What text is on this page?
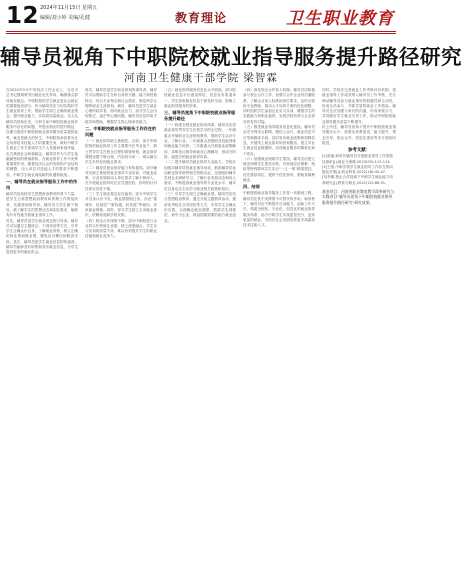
12 2024年11月15日 星期五
编辑/刘小婷 美编/孔健	教育理论	卫生职业教育
辅导员视角下中职院校就业指导服务提升路径研究
河南卫生健康干部学院 梁智霖
在2024年5月中央经济工作会议上，习近平总书记强调要突出就业优先导向，确保重点群体就业稳定。中职院校的学生就业是社会就业的重要组成部分，作为辅导员应当切实做好学生就业指导工作，帮助学生树立正确的就业观念，提升就业能力，实现高质量就业。本文从辅导员视角出发，分析当前中职院校就业指导服务中存在的问题，并提出相应的提升路径，以期为提高中职院校就业指导服务质量提供参考。就业是最大的民生，中职院校承担着为社会培养技术技能人才的重要任务，做好中职学生就业工作关系到学生个人发展和家庭幸福，也关系到社会和谐稳定。辅导员作为与学生接触最密切的教师群体，在就业指导工作中发挥着重要作用。随着经济社会的发展和产业结构的调整，用人单位对技能人才的要求不断提高，中职学生就业面临新的机遇和挑战。
一、辅导员在就业指导服务工作中的作用
辅导员是高校学生思想政治教育的骨干力量，是学生日常思想政治教育和管理工作的组织者、实施者和指导者。辅导员与学生朝夕相处，最了解学生的思想动态和实际需求，能够有针对性地开展就业指导工作。
首先，辅导员是学生就业观念的引导者。辅导员可以通过主题班会、个别谈话等方式，引导学生正确认识自身，了解就业形势，树立正确的择业观和就业观，避免盲目攀比和眼高手低。其次，辅导员是学生就业信息的传递者。辅导员能够及时收集和发布就业信息，为学生提供更多的就业机会。
再次，辅导员是学生职业规划的指导者。辅导员可以帮助学生分析自身的兴趣、能力和性格特点，结合专业特点和社会需求，制定科学合理的职业生涯规划。最后，辅导员是学生就业心理的疏导者。面对就业压力，部分学生会出现焦虑、迷茫等心理问题，辅导员应及时给予疏导和帮助，增强学生的心理承受能力。
二、中职院校就业指导服务工作存在的问题
（一）就业指导缺乏系统性。目前，部分中职院校的就业指导工作主要集中在毕业前夕，缺乏贯穿学生在校全过程的系统规划，就业指导课程设置不够合理，内容较为单一，难以满足学生多样化的就业需求。
（二）辅导员就业指导能力有待提高。部分辅导员缺乏系统的就业指导专业培训，对就业政策、行业发展和用人单位需求了解不够深入，在开展就业指导时往往凭借经验，指导的针对性和实效性不强。
（三）学生就业观念存在偏差。部分中职学生对自身认识不足，就业期望值过高，存在“重城市、轻基层”“重待遇、轻发展”等倾向，导致就业困难。同时，部分学生缺乏主动就业意识，依赖家庭和学校安排。
（四）校企合作深度不够。部分中职院校与企业的合作停留在表面，缺乏深度融合，学生实习实训的质量不高，难以有效提升学生的职业技能和就业竞争力。
（五）就业指导服务信息化水平较低。部分院校就业信息平台建设滞后，信息发布渠道单一，学生获取就业信息不够及时全面，影响了就业指导服务的效率。
三、辅导员视角下中职院校就业指导服务提升路径
（一）构建全程化就业指导体系。辅导员应将就业指导贯穿学生在校学习的全过程，一年级重点开展职业生涯规划教育，帮助学生认识专业、了解行业；二年级重点加强职业技能训练和就业能力培养；三年级重点开展就业政策解读、求职技巧指导和就业心理辅导，形成分阶段、递进式的就业指导体系。
（二）提升辅导员就业指导专业能力。学校应加强对辅导员的就业指导培训，鼓励辅导员参加职业指导师等相关资格认证，定期组织辅导员到企业调研学习，了解行业发展动态和用人需求，不断提高就业指导的专业化水平。辅导员自身也应主动学习就业相关政策和知识。
（三）引导学生树立正确就业观。辅导员应结合思想政治教育，通过开展主题教育活动、邀请优秀校友分享经验等方式，引导学生正确认识自我，合理确定就业期望，鼓励学生到基层、到中小企业、到祖国最需要的地方就业创业。
（四）深化校企合作育人机制。辅导员应积极参与校企合作工作，加强与合作企业的沟通联系，了解企业用人标准和岗位要求，及时反馈给专业教师，推动人才培养方案的优化调整。同时组织学生参加企业实习实训，增强学生的实践能力和职业素养，实现学校培养与企业需求的有效对接。
（五）推进就业指导服务信息化建设。辅导员应充分利用互联网、微信公众号、就业信息平台等新媒体手段，及时发布就业政策和招聘信息，开展线上就业指导和咨询服务，建立毕业生就业信息数据库，实现就业服务的精准化和个性化。
（六）加强就业困难学生帮扶。辅导员应建立就业困难学生帮扶台账，对家庭经济困难、残疾等特殊群体学生实行“一人一策”精准帮扶，优先推荐岗位，提供个性化指导，帮助其顺利就业。
四、结语
中职院校就业指导服务工作是一项系统工程，辅导员在其中发挥着不可替代的作用。新形势下，辅导员应不断提升自身能力，创新工作方法，构建全程化、专业化、信息化的就业指导服务体系，助力中职学生实现更加充分、更高质量的就业，为经济社会发展培养更多高素质技术技能人才。
同时，学校应完善就业工作考核评价机制，将就业指导工作成效纳入辅导员工作考核，充分调动辅导员参与就业指导的积极性和主动性，形成全员参与、齐抓共管的就业工作格局。辅导员还应加强与家长的沟通，形成家校合力，共同做好学生就业引导工作，推动中职院校就业指导服务质量不断提升。
综上所述，辅导员视角下提升中职院校就业指导服务水平，需要从体系建设、能力提升、观念引导、校企合作、信息化建设等多方面协同推进。
参考文献：
[1]张丽.新时代辅导员开展就业指导工作的路径探析[J].就业与保障,2023(05):112-114.
[2]王强.中职学校学生就业指导工作存在的问题及对策[J].职业教育,2022(18):45-47.
[3]李娜.校企合作视域下中职学生就业能力培养研究[J].教育与职业,2021(22):88-91.
基金项目：河南省职业教育教学改革研究与实践项目“辅导员视角下中职院校就业指导服务提升路径研究”研究成果。
